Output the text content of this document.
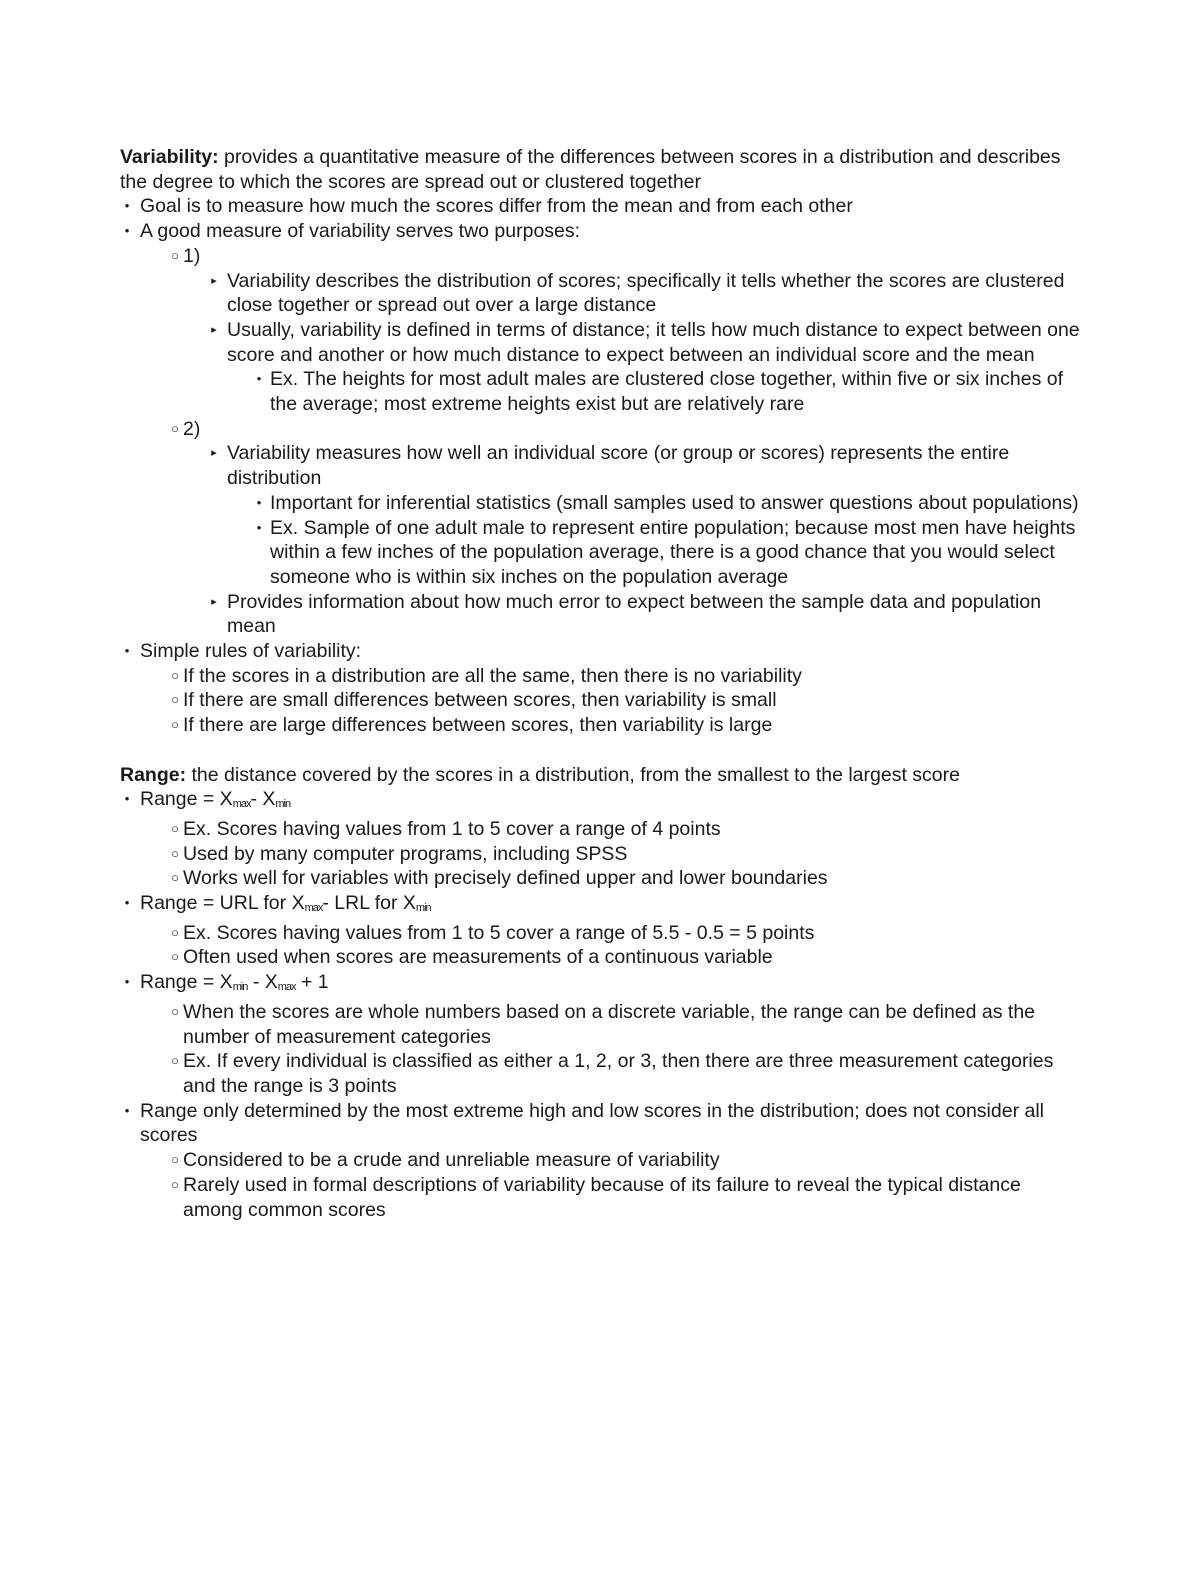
Variability: provides a quantitative measure of the differences between scores in a distribution and describes the degree to which the scores are spread out or clustered together
• Goal is to measure how much the scores differ from the mean and from each other
• A good measure of variability serves two purposes:
○ 1)
▸ Variability describes the distribution of scores; specifically it tells whether the scores are clustered close together or spread out over a large distance
▸ Usually, variability is defined in terms of distance; it tells how much distance to expect between one score and another or how much distance to expect between an individual score and the mean
• Ex. The heights for most adult males are clustered close together, within five or six inches of the average; most extreme heights exist but are relatively rare
○ 2)
▸ Variability measures how well an individual score (or group or scores) represents the entire distribution
• Important for inferential statistics (small samples used to answer questions about populations)
• Ex. Sample of one adult male to represent entire population; because most men have heights within a few inches of the population average, there is a good chance that you would select someone who is within six inches on the population average
▸ Provides information about how much error to expect between the sample data and population mean
• Simple rules of variability:
○ If the scores in a distribution are all the same, then there is no variability
○ If there are small differences between scores, then variability is small
○ If there are large differences between scores, then variability is large
Range: the distance covered by the scores in a distribution, from the smallest to the largest score
• Range = Xmax- Xmin
○ Ex. Scores having values from 1 to 5 cover a range of 4 points
○ Used by many computer programs, including SPSS
○ Works well for variables with precisely defined upper and lower boundaries
• Range = URL for Xmax- LRL for Xmin
○ Ex. Scores having values from 1 to 5 cover a range of 5.5 - 0.5 = 5 points
○ Often used when scores are measurements of a continuous variable
• Range = Xmin - Xmax + 1
○ When the scores are whole numbers based on a discrete variable, the range can be defined as the number of measurement categories
○ Ex. If every individual is classified as either a 1, 2, or 3, then there are three measurement categories and the range is 3 points
• Range only determined by the most extreme high and low scores in the distribution; does not consider all scores
○ Considered to be a crude and unreliable measure of variability
○ Rarely used in formal descriptions of variability because of its failure to reveal the typical distance among common scores
